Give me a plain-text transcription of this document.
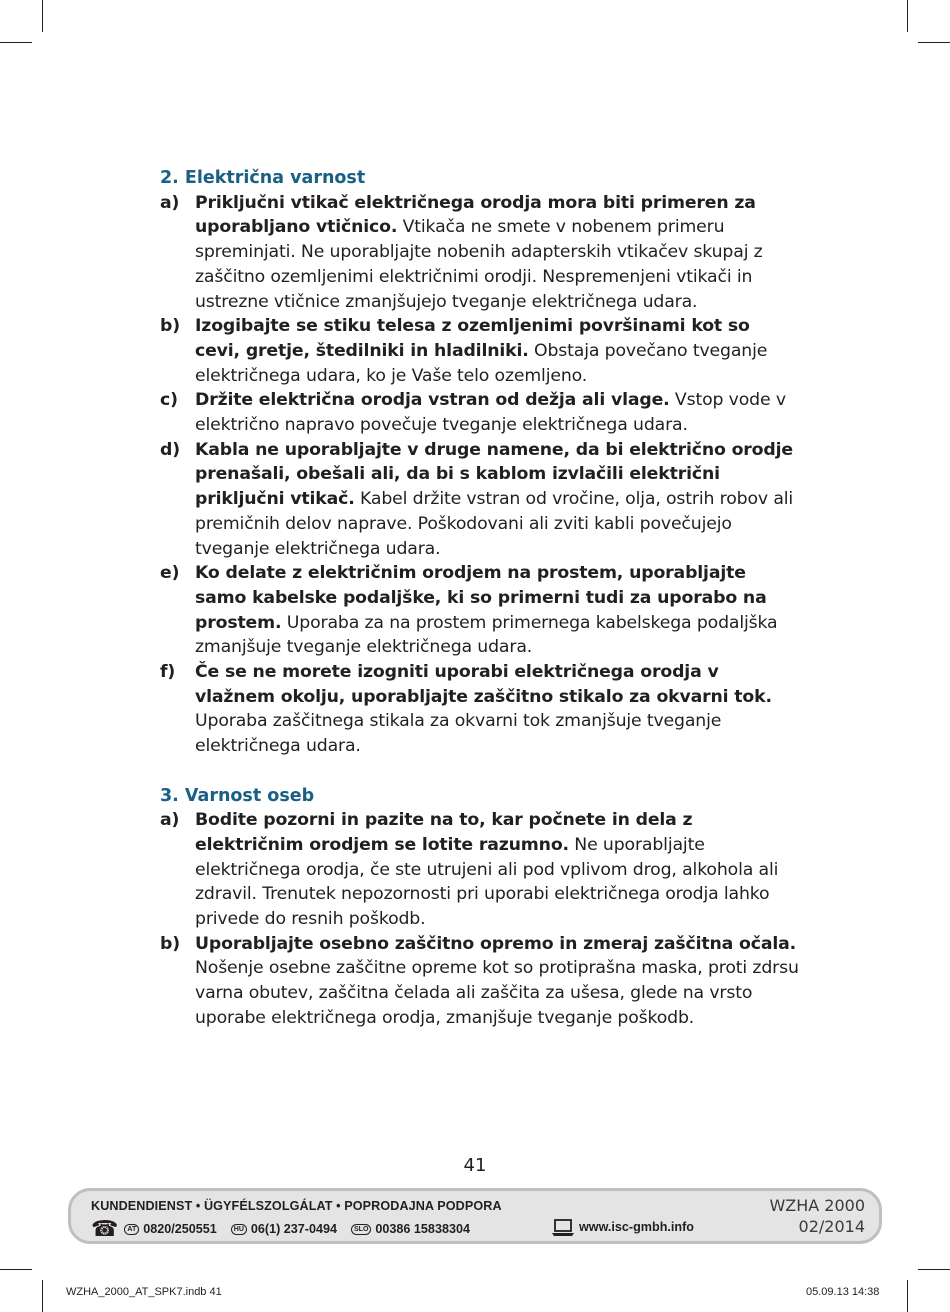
2. Električna varnost
a) Priključni vtikač električnega orodja mora biti primeren za uporabljano vtičnico. Vtikača ne smete v nobenem primeru spreminjati. Ne uporabljajte nobenih adapterskih vtikačev skupaj z zaščitno ozemljenimi električnimi orodji. Nespremenjeni vtikači in ustrezne vtičnice zmanjšujejo tveganje električnega udara.
b) Izogibajte se stiku telesa z ozemljenimi površinami kot so cevi, gretje, štedilniki in hladilniki. Obstaja povečano tveganje električnega udara, ko je Vaše telo ozemljeno.
c) Držite električna orodja vstran od dežja ali vlage. Vstop vode v električno napravo povečuje tveganje električnega udara.
d) Kabla ne uporabljajte v druge namene, da bi električno orodje prenašali, obešali ali, da bi s kablom izvlačili električni priključni vtikač. Kabel držite vstran od vročine, olja, ostrih robov ali premičnih delov naprave. Poškodovani ali zviti kabli povečujejo tveganje električnega udara.
e) Ko delate z električnim orodjem na prostem, uporabljajte samo kabelske podaljške, ki so primerni tudi za uporabo na prostem. Uporaba za na prostem primernega kabelskega podaljška zmanjšuje tveganje električnega udara.
f)	Če se ne morete izogniti uporabi električnega orodja v vlažnem okolju, uporabljajte zaščitno stikalo za okvarni tok. Uporaba zaščitnega stikala za okvarni tok zmanjšuje tveganje električnega udara.
3. Varnost oseb
a) Bodite pozorni in pazite na to, kar počnete in dela z električnim orodjem se lotite razumno. Ne uporabljajte električnega orodja, če ste utrujeni ali pod vplivom drog, alkohola ali zdravil. Trenutek nepozornosti pri uporabi električnega orodja lahko privede do resnih poškodb.
b) Uporabljajte osebno zaščitno opremo in zmeraj zaščitna očala. Nošenje osebne zaščitne opreme kot so protiprašna maska, proti zdrsu varna obutev, zaščitna čelada ali zaščita za ušesa, glede na vrsto uporabe električnega orodja, zmanjšuje tveganje poškodb.
41
KUNDENDIENST • ÜGYFÉLSZOLGÁLAT • POPRODAJNA PODPORA
☎	AT 0820/250551	HU 06(1) 237-0494	SLO 00386 15838304	www.isc-gmbh.info
WZHA 2000
02/2014
WZHA_2000_AT_SPK7.indb 41	05.09.13 14:38
